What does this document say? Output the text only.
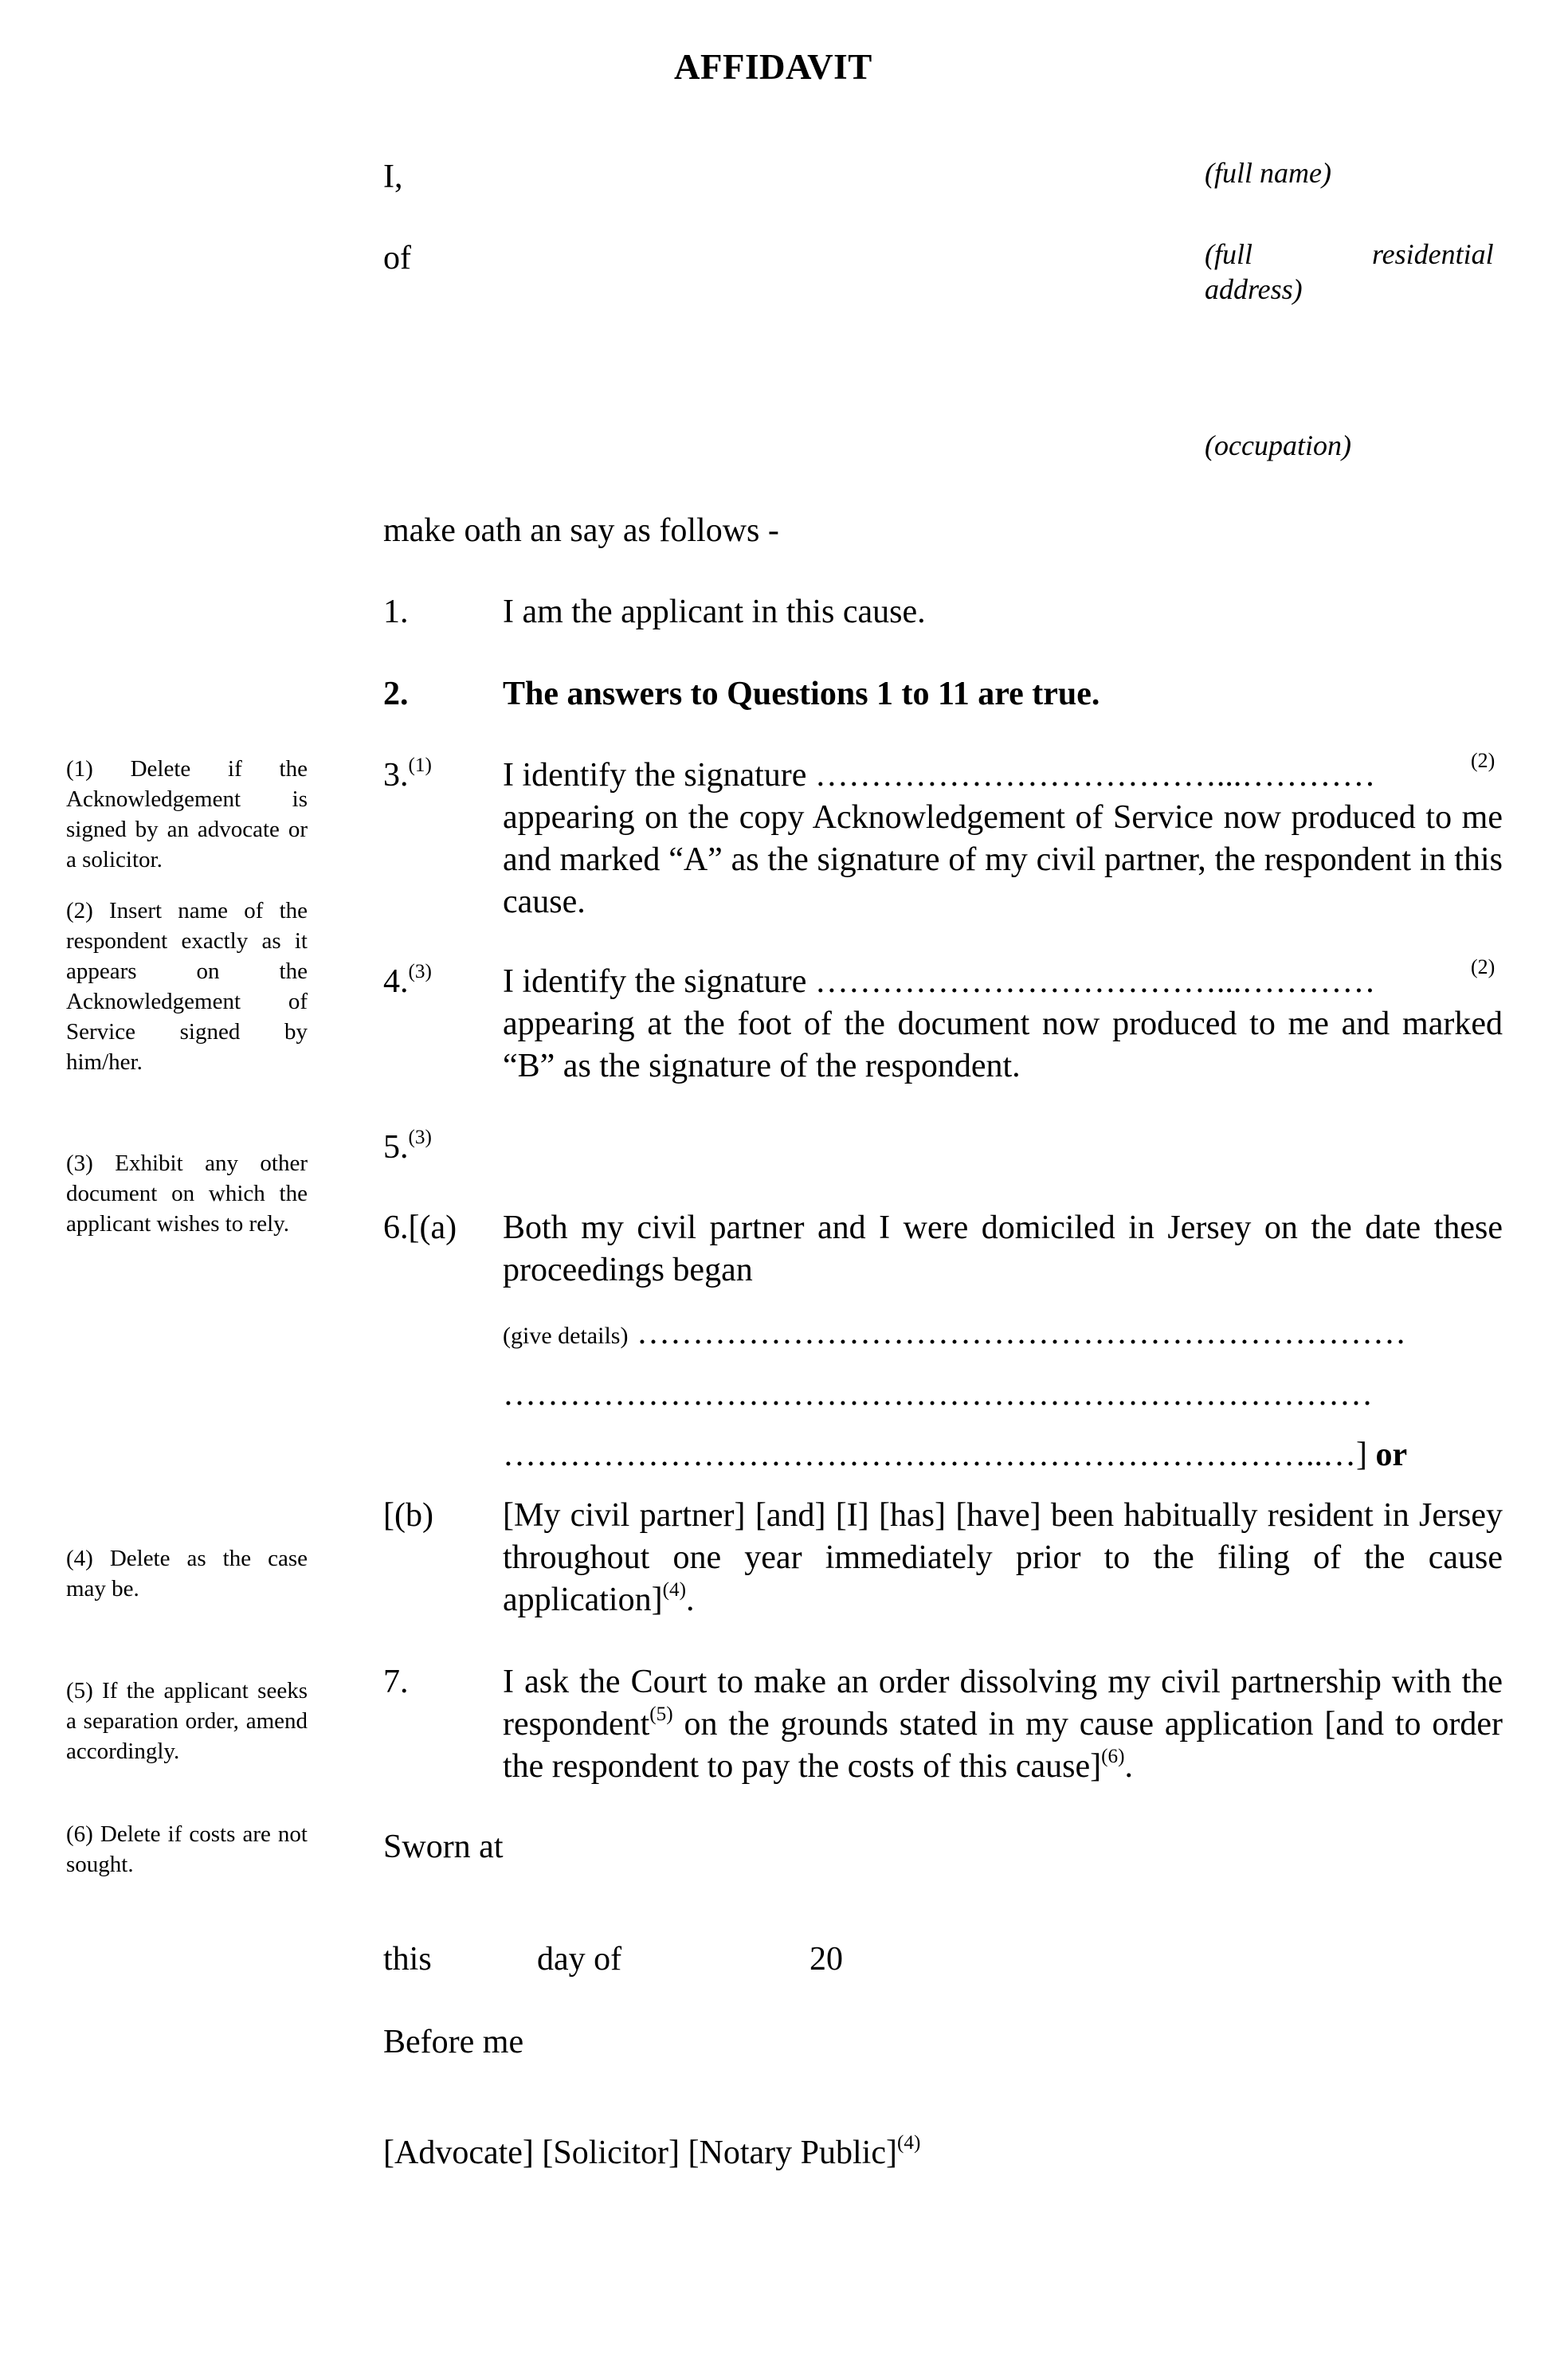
AFFIDAVIT
I,	(full name)
of	(full	residential
address)
(occupation)
make oath an say as follows -
1.	I am the applicant in this cause.
2.	The answers to Questions 1 to 11 are true.
3.$^{(1)}$ I identify the signature ………………………………...…………	(2)
appearing on the copy Acknowledgement of Service now produced to me and marked “A” as the signature of my civil partner, the respondent in this cause.
4.$^{(3)}$ I identify the signature ………………………………...…………	(2)
appearing at the foot of the document now produced to me and marked “B” as the signature of the respondent.
5.$^{(3)}$
6.[(a) Both my civil partner and I were domiciled in Jersey on the date these proceedings began
(give details) ……………………………………………………………
……………………………………………………………………
………………………………………………………………..…] or
[(b) [My civil partner] [and] [I] [has] [have] been habitually resident in Jersey throughout one year immediately prior to the filing of the cause application]$^{(4)}$.
7.	I ask the Court to make an order dissolving my civil partnership with the respondent$^{(5)}$ on the grounds stated in my cause application [and to order the respondent to pay the costs of this cause]$^{(6)}$.
Sworn at
this	day of	20
Before me
[Advocate] [Solicitor] [Notary Public]$^{(4)}$
(1) Delete if the Acknowledgement is signed by an advocate or a solicitor.
(2) Insert name of the respondent exactly as it appears on the Acknowledgement of Service signed by him/her.
(3) Exhibit any other document on which the applicant wishes to rely.
(4) Delete as the case may be.
(5) If the applicant seeks a separation order, amend accordingly.
(6) Delete if costs are not sought.
